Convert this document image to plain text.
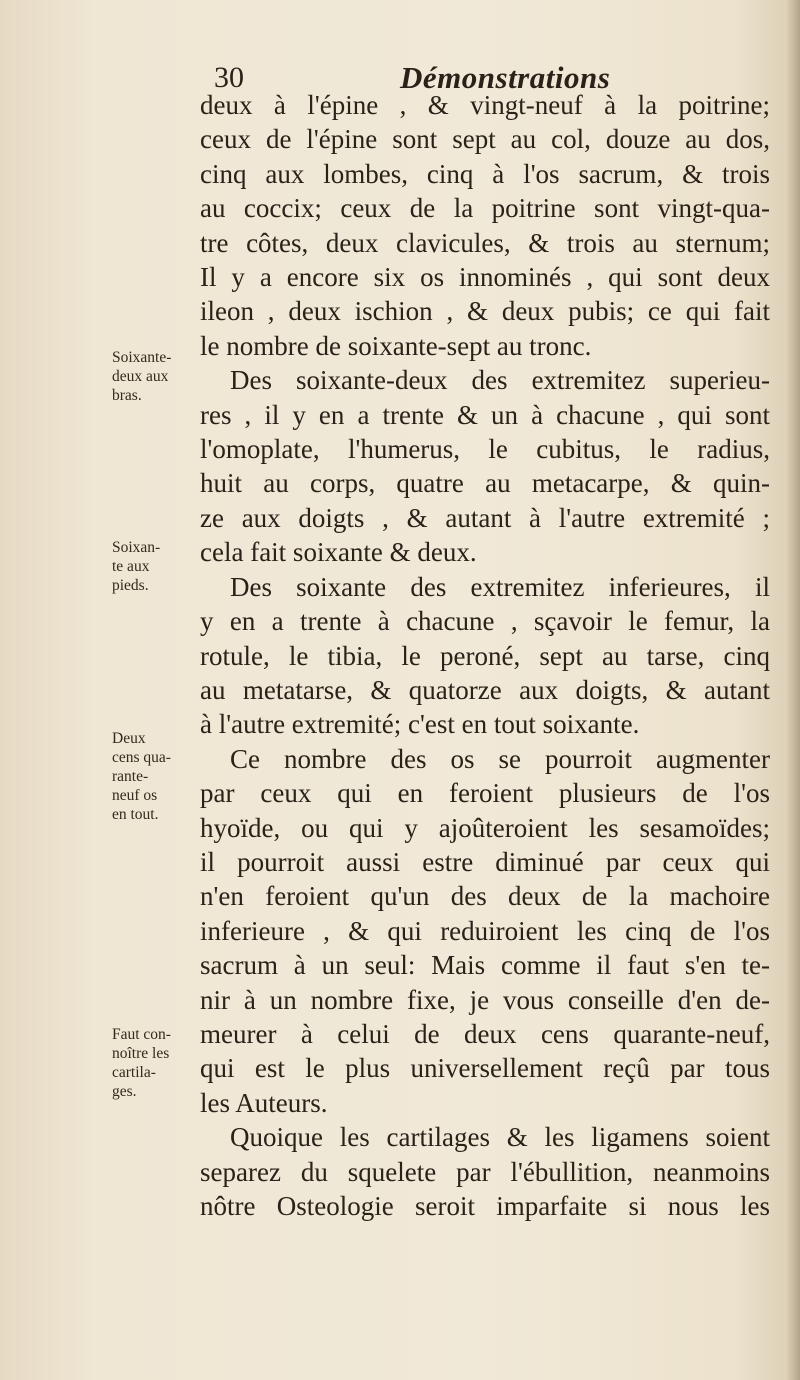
30	Démonstrations
Soixante-
deux aux
bras.
Soixan-
te aux
pieds.
Deux
cens qua-
rante-
neuf os
en tout.
Faut con-
noître les
cartila-
ges.
deux à l'épine , & vingt-neuf à la poitrine;
ceux de l'épine sont sept au col, douze au dos,
cinq aux lombes, cinq à l'os sacrum, & trois
au coccix; ceux de la poitrine sont vingt-qua-
tre côtes, deux clavicules, & trois au sternum;
Il y a encore six os innominés , qui sont deux
ileon , deux ischion , & deux pubis; ce qui fait
le nombre de soixante-sept au tronc.
Des soixante-deux des extremitez superieu-
res , il y en a trente & un à chacune , qui sont
l'omoplate, l'humerus, le cubitus, le radius,
huit au corps, quatre au metacarpe, & quin-
ze aux doigts , & autant à l'autre extremité ;
cela fait soixante & deux.
Des soixante des extremitez inferieures, il
y en a trente à chacune , sçavoir le femur, la
rotule, le tibia, le peroné, sept au tarse, cinq
au metatarse, & quatorze aux doigts, & autant
à l'autre extremité; c'est en tout soixante.
Ce nombre des os se pourroit augmenter
par ceux qui en feroient plusieurs de l'os
hyoïde, ou qui y ajoûteroient les sesamoïdes;
il pourroit aussi estre diminué par ceux qui
n'en feroient qu'un des deux de la machoire
inferieure , & qui reduiroient les cinq de l'os
sacrum à un seul: Mais comme il faut s'en te-
nir à un nombre fixe, je vous conseille d'en de-
meurer à celui de deux cens quarante-neuf,
qui est le plus universellement reçû par tous
les Auteurs.
Quoique les cartilages & les ligamens soient
separez du squelete par l'ébullition, neanmoins
nôtre Osteologie seroit imparfaite si nous les
